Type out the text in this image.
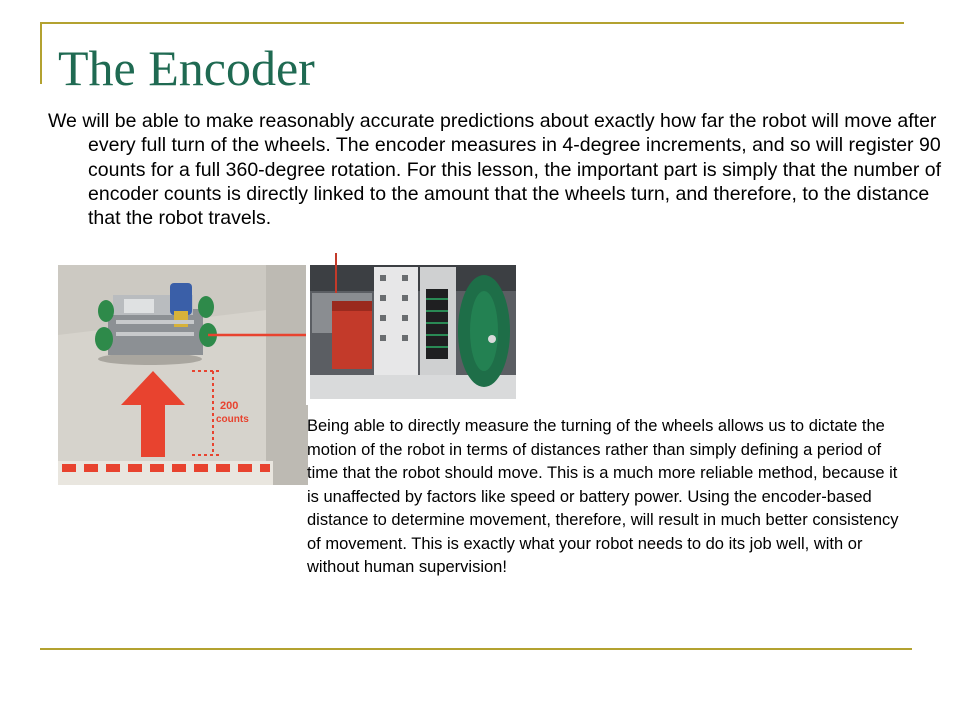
The Encoder

We will be able to make reasonably accurate predictions about exactly how far the robot will move after every full turn of the wheels. The encoder measures in 4-degree increments, and so will register 90 counts for a full 360-degree rotation. For this lesson, the important part is simply that the number of encoder counts is directly linked to the amount that the wheels turn, and therefore, to the distance that the robot travels.

200
counts	Being able to directly measure the turning of the wheels allows us to dictate the motion of the robot in terms of distances rather than simply defining a period of time that the robot should move. This is a much more reliable method, because it is unaffected by factors like speed or battery power. Using the encoder-based distance to determine movement, therefore, will result in much better consistency of movement. This is exactly what your robot needs to do its job well, with or without human supervision!
